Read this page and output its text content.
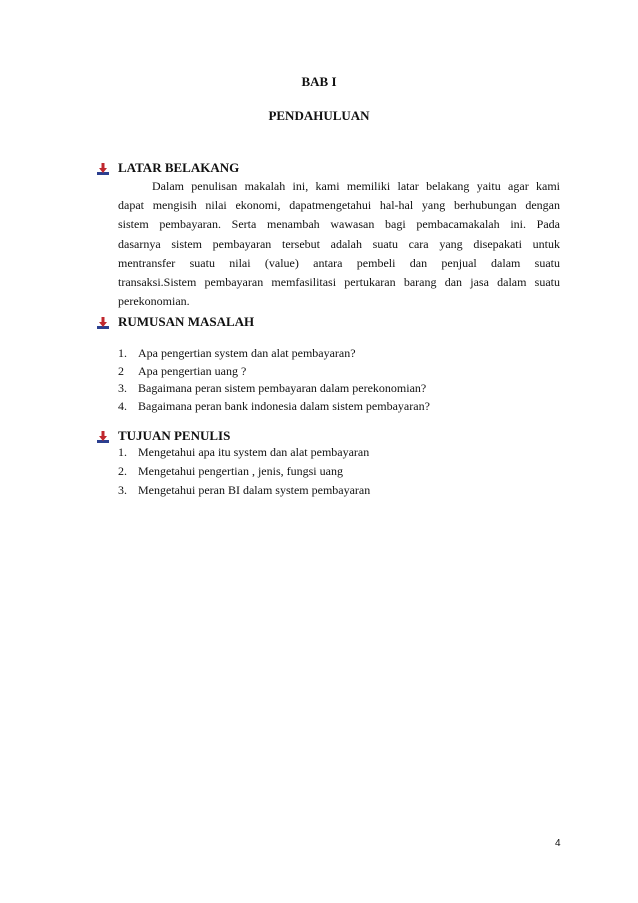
BAB I
PENDAHULUAN
LATAR BELAKANG
Dalam penulisan makalah ini, kami memiliki latar belakang yaitu agar kami
dapat mengisih nilai ekonomi, dapatmengetahui hal-hal yang berhubungan dengan
sistem pembayaran. Serta menambah wawasan bagi pembacamakalah ini. Pada
dasarnya sistem pembayaran tersebut adalah suatu cara yang disepakati untuk
mentransfer suatu nilai (value) antara pembeli dan penjual dalam suatu
transaksi.Sistem pembayaran memfasilitasi pertukaran barang dan jasa dalam suatu
perekonomian.
RUMUSAN MASALAH
1. Apa pengertian system dan alat pembayaran?
2	Apa pengertian uang ?
3. Bagaimana peran sistem pembayaran dalam perekonomian?
4. Bagaimana peran bank indonesia dalam sistem pembayaran?
TUJUAN PENULIS
1. Mengetahui apa itu system dan alat pembayaran
2. Mengetahui pengertian , jenis, fungsi uang
3. Mengetahui peran BI dalam system pembayaran
4
